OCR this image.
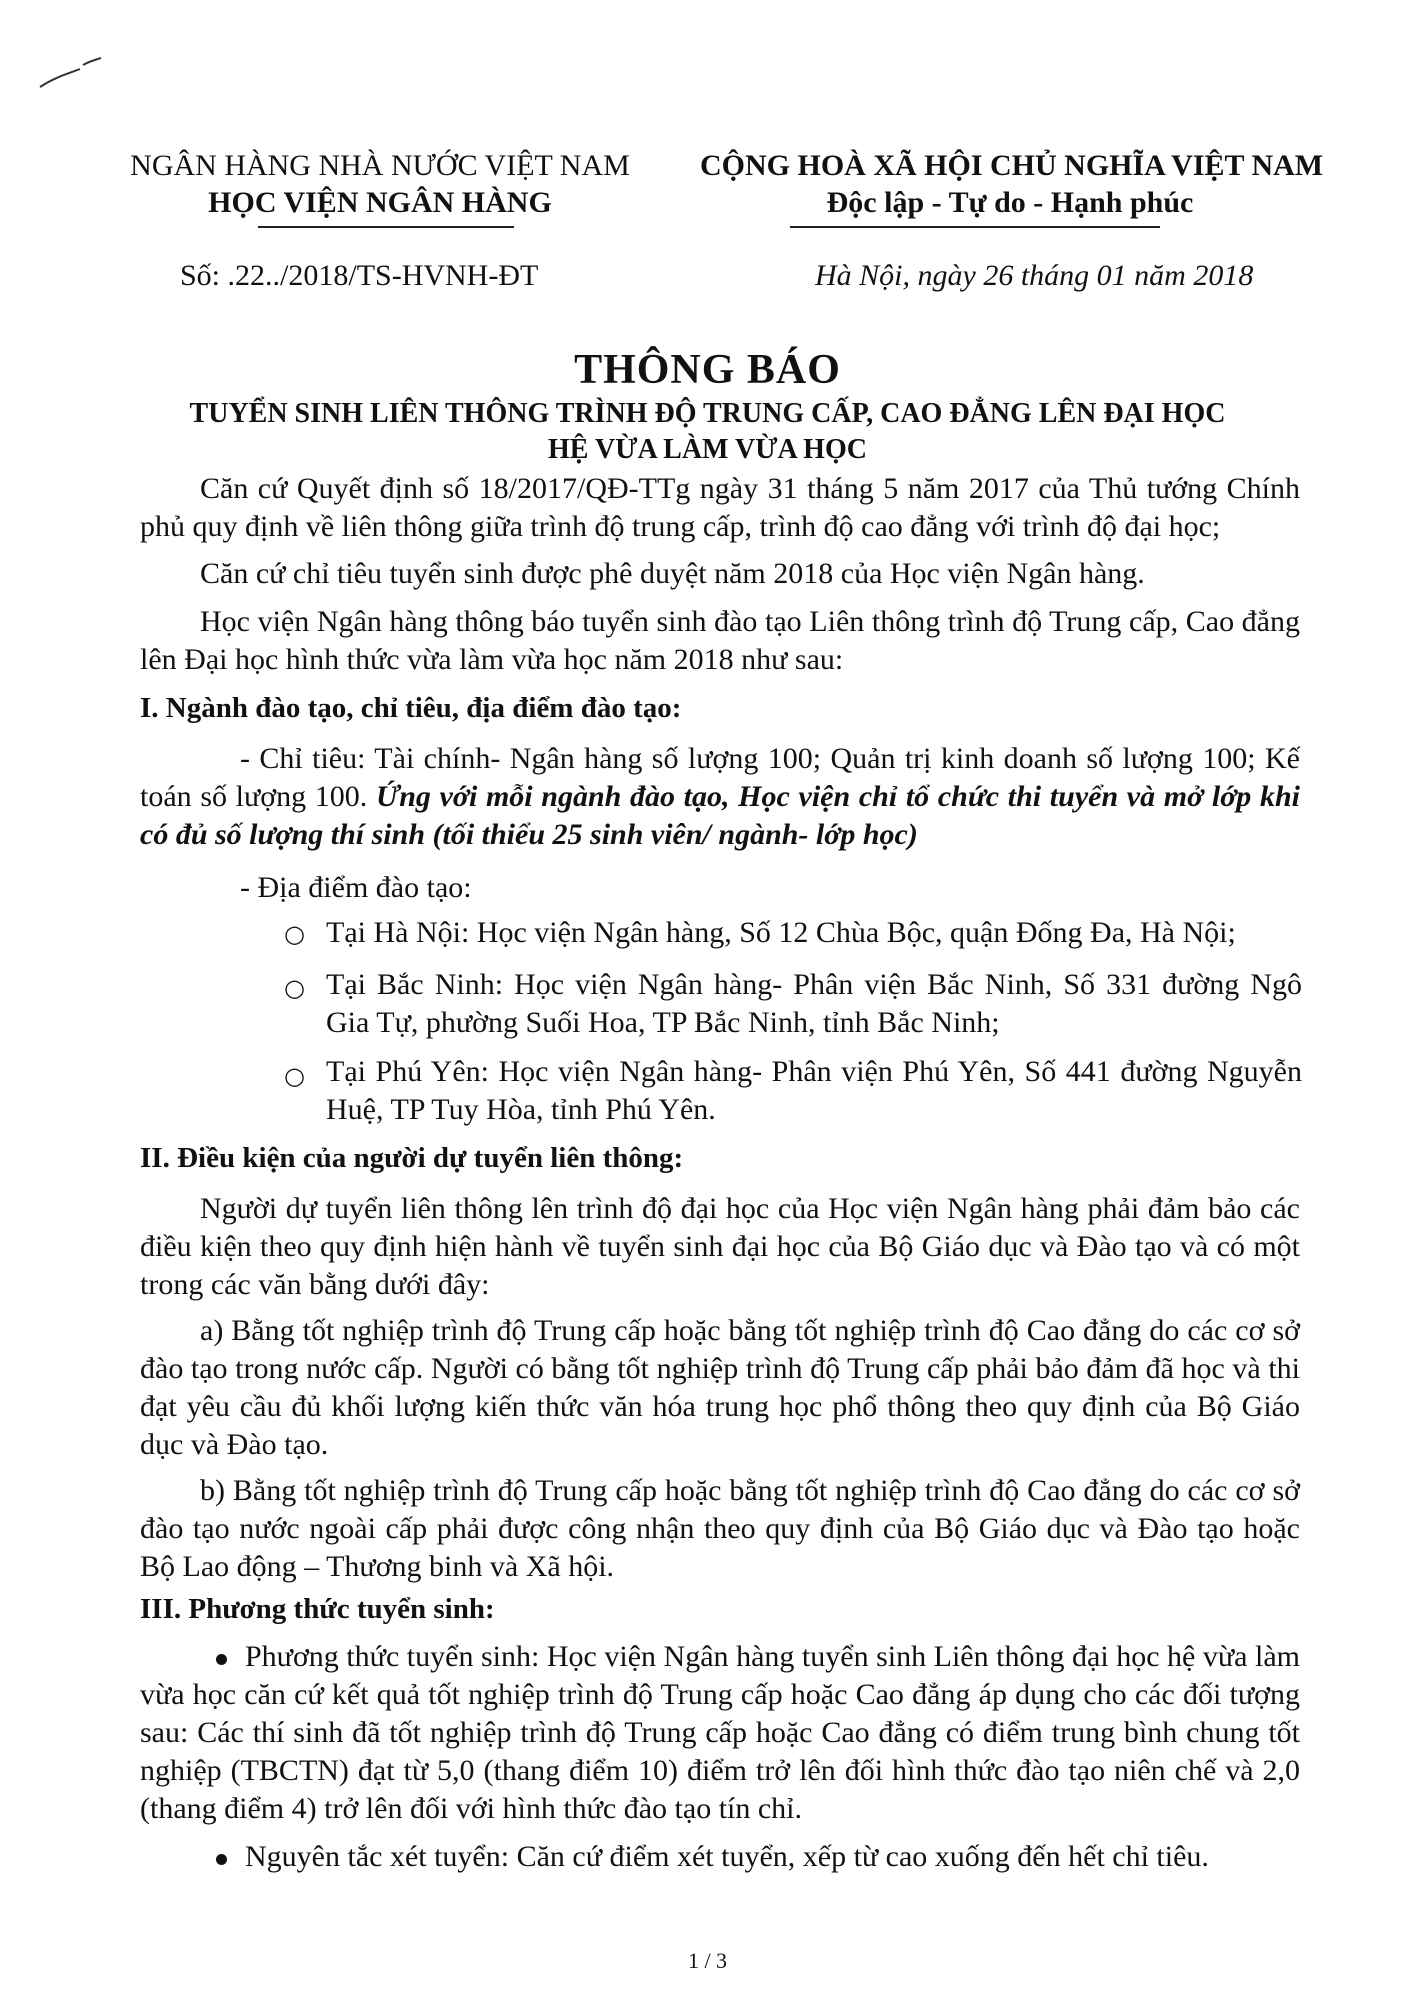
NGÂN HÀNG NHÀ NƯỚC VIỆT NAM
HỌC VIỆN NGÂN HÀNG
CỘNG HOÀ XÃ HỘI CHỦ NGHĨA VIỆT NAM
Độc lập - Tự do - Hạnh phúc
Số: .22../2018/TS-HVNH-ĐT	Hà Nội, ngày 26 tháng 01 năm 2018
THÔNG BÁO
TUYỂN SINH LIÊN THÔNG TRÌNH ĐỘ TRUNG CẤP, CAO ĐẲNG LÊN ĐẠI HỌC
HỆ VỪA LÀM VỪA HỌC
Căn cứ Quyết định số 18/2017/QĐ-TTg ngày 31 tháng 5 năm 2017 của Thủ tướng Chính phủ quy định về liên thông giữa trình độ trung cấp, trình độ cao đẳng với trình độ đại học;
Căn cứ chỉ tiêu tuyển sinh được phê duyệt năm 2018 của Học viện Ngân hàng.
Học viện Ngân hàng thông báo tuyển sinh đào tạo Liên thông trình độ Trung cấp, Cao đẳng lên Đại học hình thức vừa làm vừa học năm 2018 như sau:
I. Ngành đào tạo, chỉ tiêu, địa điểm đào tạo:
- Chỉ tiêu: Tài chính- Ngân hàng số lượng 100; Quản trị kinh doanh số lượng 100; Kế toán số lượng 100. Ứng với mỗi ngành đào tạo, Học viện chỉ tổ chức thi tuyển và mở lớp khi có đủ số lượng thí sinh (tối thiểu 25 sinh viên/ ngành- lớp học)
- Địa điểm đào tạo:
○ Tại Hà Nội: Học viện Ngân hàng, Số 12 Chùa Bộc, quận Đống Đa, Hà Nội;
○ Tại Bắc Ninh: Học viện Ngân hàng- Phân viện Bắc Ninh, Số 331 đường Ngô Gia Tự, phường Suối Hoa, TP Bắc Ninh, tỉnh Bắc Ninh;
○ Tại Phú Yên: Học viện Ngân hàng- Phân viện Phú Yên, Số 441 đường Nguyễn Huệ, TP Tuy Hòa, tỉnh Phú Yên.
II. Điều kiện của người dự tuyển liên thông:
Người dự tuyển liên thông lên trình độ đại học của Học viện Ngân hàng phải đảm bảo các điều kiện theo quy định hiện hành về tuyển sinh đại học của Bộ Giáo dục và Đào tạo và có một trong các văn bằng dưới đây:
a) Bằng tốt nghiệp trình độ Trung cấp hoặc bằng tốt nghiệp trình độ Cao đẳng do các cơ sở đào tạo trong nước cấp. Người có bằng tốt nghiệp trình độ Trung cấp phải bảo đảm đã học và thi đạt yêu cầu đủ khối lượng kiến thức văn hóa trung học phổ thông theo quy định của Bộ Giáo dục và Đào tạo.
b) Bằng tốt nghiệp trình độ Trung cấp hoặc bằng tốt nghiệp trình độ Cao đẳng do các cơ sở đào tạo nước ngoài cấp phải được công nhận theo quy định của Bộ Giáo dục và Đào tạo hoặc Bộ Lao động – Thương binh và Xã hội.
III. Phương thức tuyển sinh:
Phương thức tuyển sinh: Học viện Ngân hàng tuyển sinh Liên thông đại học hệ vừa làm vừa học căn cứ kết quả tốt nghiệp trình độ Trung cấp hoặc Cao đẳng áp dụng cho các đối tượng sau: Các thí sinh đã tốt nghiệp trình độ Trung cấp hoặc Cao đẳng có điểm trung bình chung tốt nghiệp (TBCTN) đạt từ 5,0 (thang điểm 10) điểm trở lên đối hình thức đào tạo niên chế và 2,0 (thang điểm 4) trở lên đối với hình thức đào tạo tín chỉ.
Nguyên tắc xét tuyển: Căn cứ điểm xét tuyển, xếp từ cao xuống đến hết chỉ tiêu.
1 / 3
